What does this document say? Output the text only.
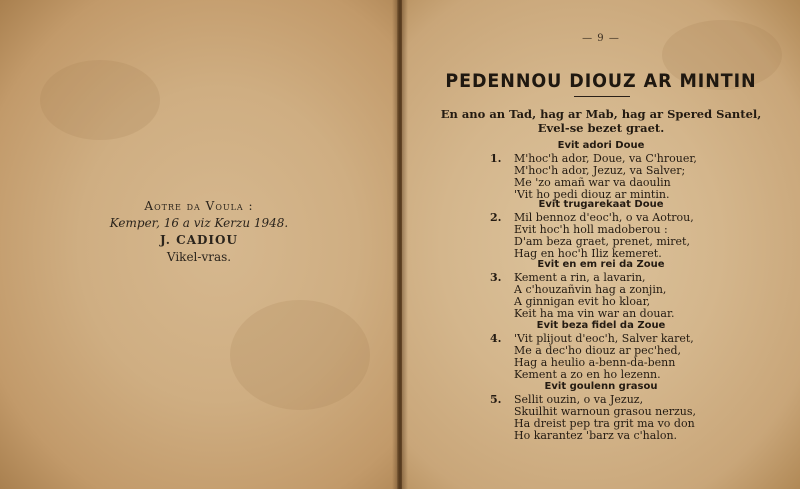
Aotre da Voula :
Kemper, 16 a viz Kerzu 1948.
J. CADIOU
Vikel-vras.
— 9 —
PEDENNOU DIOUZ AR MINTIN
En ano an Tad, hag ar Mab, hag ar Spered Santel,
Evel-se bezet graet.
Evit adori Doue
1. M'hoc'h ador, Doue, va C'hrouer,
M'hoc'h ador, Jezuz, va Salver;
Me 'zo amañ war va daoulin
'Vit ho pedi diouz ar mintin.
Evit trugarekaat Doue
2. Mil bennoz d'eoc'h, o va Aotrou,
Evit hoc'h holl madoberou :
D'am beza graet, prenet, miret,
Hag en hoc'h Iliz kemeret.
Evit en em rei da Zoue
3. Kement a rin, a lavarin,
A c'houzañvin hag a zonjin,
A ginnigan evit ho kloar,
Keit ha ma vin war an douar.
Evit beza fidel da Zoue
4. 'Vit plijout d'eoc'h, Salver karet,
Me a dec'ho diouz ar pec'hed,
Hag a heulio a-benn-da-benn
Kement a zo en ho lezenn.
Evit goulenn grasou
5. Sellit ouzin, o va Jezuz,
Skuilhit warnoun grasou nerzus,
Ha dreist pep tra grit ma vo don
Ho karantez 'barz va c'halon.
